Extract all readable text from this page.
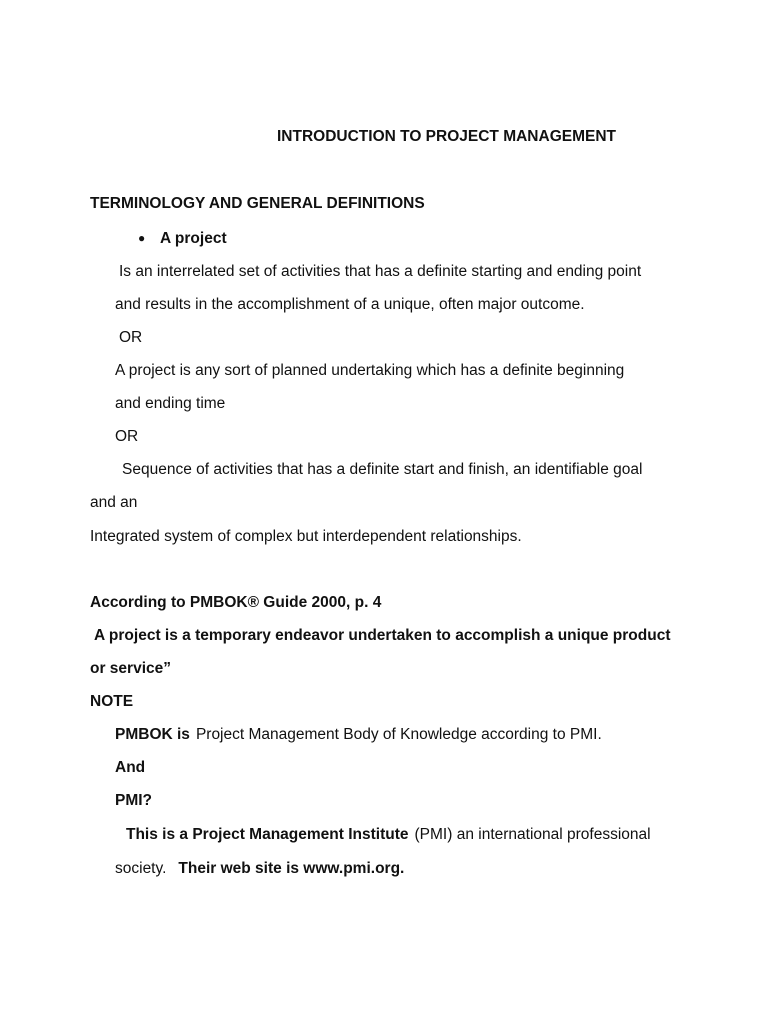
INTRODUCTION TO PROJECT MANAGEMENT
TERMINOLOGY AND GENERAL DEFINITIONS
● A project
Is an interrelated set of activities that has a definite starting and ending point
and results in the accomplishment of a unique, often major outcome.
OR
A project is any sort of planned undertaking which has a definite beginning
and ending time
OR
Sequence of activities that has a definite start and finish, an identifiable goal
and an
Integrated system of complex but interdependent relationships.
According to PMBOK® Guide 2000, p. 4
A project is a temporary endeavor undertaken to accomplish a unique product
or service”
NOTE
PMBOK is Project Management Body of Knowledge according to PMI.
And
PMI?
This is a Project Management Institute (PMI) an international professional
society. Their web site is www.pmi.org.
